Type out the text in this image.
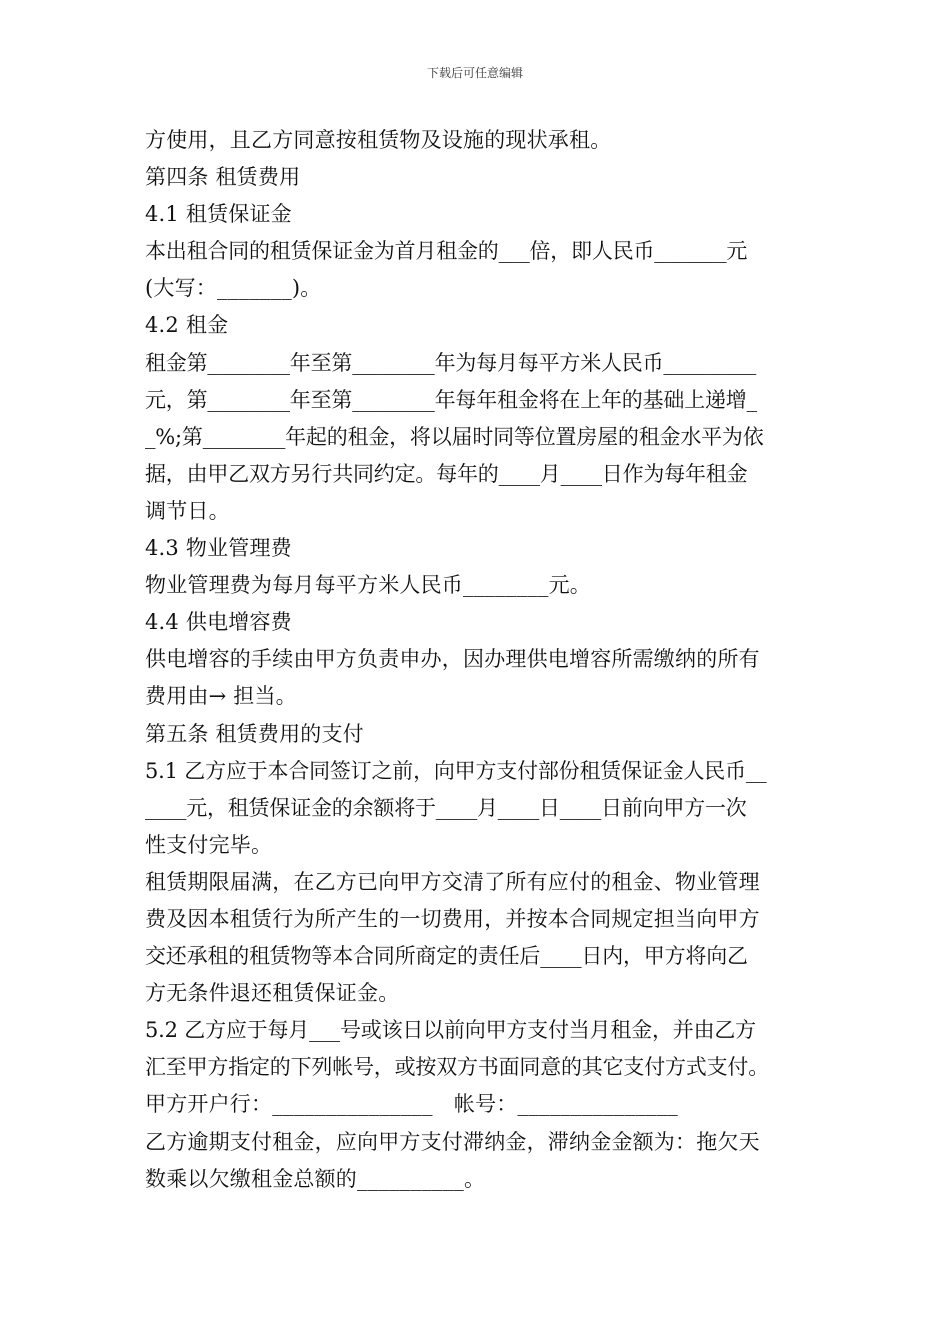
下载后可任意编辑
方使用，且乙方同意按租赁物及设施的现状承租。
第四条 租赁费用
4.1 租赁保证金
本出租合同的租赁保证金为首月租金的___倍，即人民币_______元
(大写：_______)。
4.2 租金
租金第________年至第________年为每月每平方米人民币_________
元，第________年至第________年每年租金将在上年的基础上递增_
_%;第________年起的租金，将以届时同等位置房屋的租金水平为依
据，由甲乙双方另行共同约定。每年的____月____日作为每年租金
调节日。
4.3 物业管理费
物业管理费为每月每平方米人民币________元。
4.4 供电增容费
供电增容的手续由甲方负责申办，因办理供电增容所需缴纳的所有
费用由→ 担当。
第五条 租赁费用的支付
5.1 乙方应于本合同签订之前，向甲方支付部份租赁保证金人民币__
____元，租赁保证金的余额将于____月____日____日前向甲方一次
性支付完毕。
租赁期限届满，在乙方已向甲方交清了所有应付的租金、物业管理
费及因本租赁行为所产生的一切费用，并按本合同规定担当向甲方
交还承租的租赁物等本合同所商定的责任后____日内，甲方将向乙
方无条件退还租赁保证金。
5.2 乙方应于每月___号或该日以前向甲方支付当月租金，并由乙方
汇至甲方指定的下列帐号，或按双方书面同意的其它支付方式支付。
甲方开户行：_______________　帐号：_______________
乙方逾期支付租金，应向甲方支付滞纳金，滞纳金金额为：拖欠天
数乘以欠缴租金总额的__________。
